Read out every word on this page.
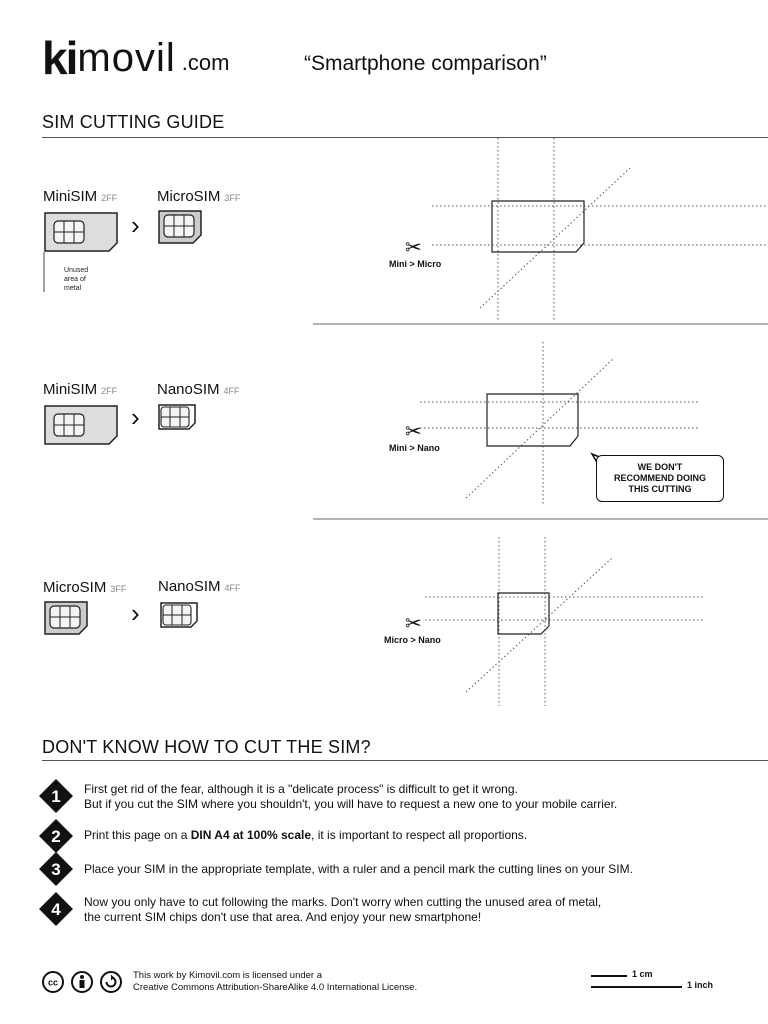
ki movil .com	“Smartphone comparison”
SIM CUTTING GUIDE
MiniSIM 2FF
Unused
area of
metal
›
MicroSIM 3FF
✂
Mini > Micro
MiniSIM 2FF
›
NanoSIM 4FF
✂
Mini > Nano
WE DON'T
RECOMMEND DOING
THIS CUTTING
MicroSIM 3FF
›
NanoSIM 4FF
✂
Micro > Nano
DON'T KNOW HOW TO CUT THE SIM?
1 First get rid of the fear, although it is a "delicate process" is difficult to get it wrong.
But if you cut the SIM where you shouldn't, you will have to request a new one to your mobile carrier.
2 Print this page on a DIN A4 at 100% scale, it is important to respect all proportions.
3 Place your SIM in the appropriate template, with a ruler and a pencil mark the cutting lines on your SIM.
4 Now you only have to cut following the marks. Don't worry when cutting the unused area of metal,
the current SIM chips don't use that area. And enjoy your new smartphone!
cc
This work by Kimovil.com is licensed under a
Creative Commons Attribution-ShareAlike 4.0 International License.
1 cm
1 inch
